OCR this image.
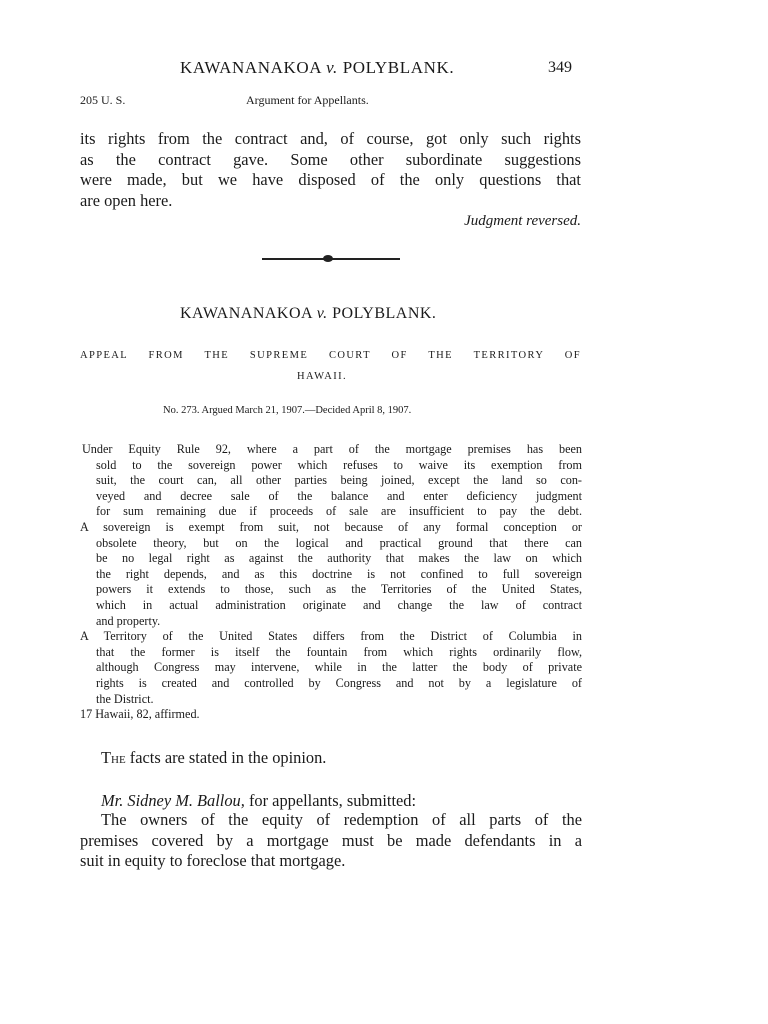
KAWANANAKOA v. POLYBLANK.	349
205 U. S.	Argument for Appellants.
its rights from the contract and, of course, got only such rights
as the contract gave. Some other subordinate suggestions
were made, but we have disposed of the only questions that
are open here.
Judgment reversed.
KAWANANAKOA v. POLYBLANK.
APPEAL FROM THE SUPREME COURT OF THE TERRITORY OF
HAWAII.
No. 273. Argued March 21, 1907.—Decided April 8, 1907.
Under Equity Rule 92, where a part of the mortgage premises has been
sold to the sovereign power which refuses to waive its exemption from
suit, the court can, all other parties being joined, except the land so con-
veyed and decree sale of the balance and enter deficiency judgment
for sum remaining due if proceeds of sale are insufficient to pay the debt.
A sovereign is exempt from suit, not because of any formal conception or
obsolete theory, but on the logical and practical ground that there can
be no legal right as against the authority that makes the law on which
the right depends, and as this doctrine is not confined to full sovereign
powers it extends to those, such as the Territories of the United States,
which in actual administration originate and change the law of contract
and property.
A Territory of the United States differs from the District of Columbia in
that the former is itself the fountain from which rights ordinarily flow,
although Congress may intervene, while in the latter the body of private
rights is created and controlled by Congress and not by a legislature of
the District.
17 Hawaii, 82, affirmed.
The facts are stated in the opinion.
Mr. Sidney M. Ballou, for appellants, submitted:
The owners of the equity of redemption of all parts of the
premises covered by a mortgage must be made defendants in a
suit in equity to foreclose that mortgage.
